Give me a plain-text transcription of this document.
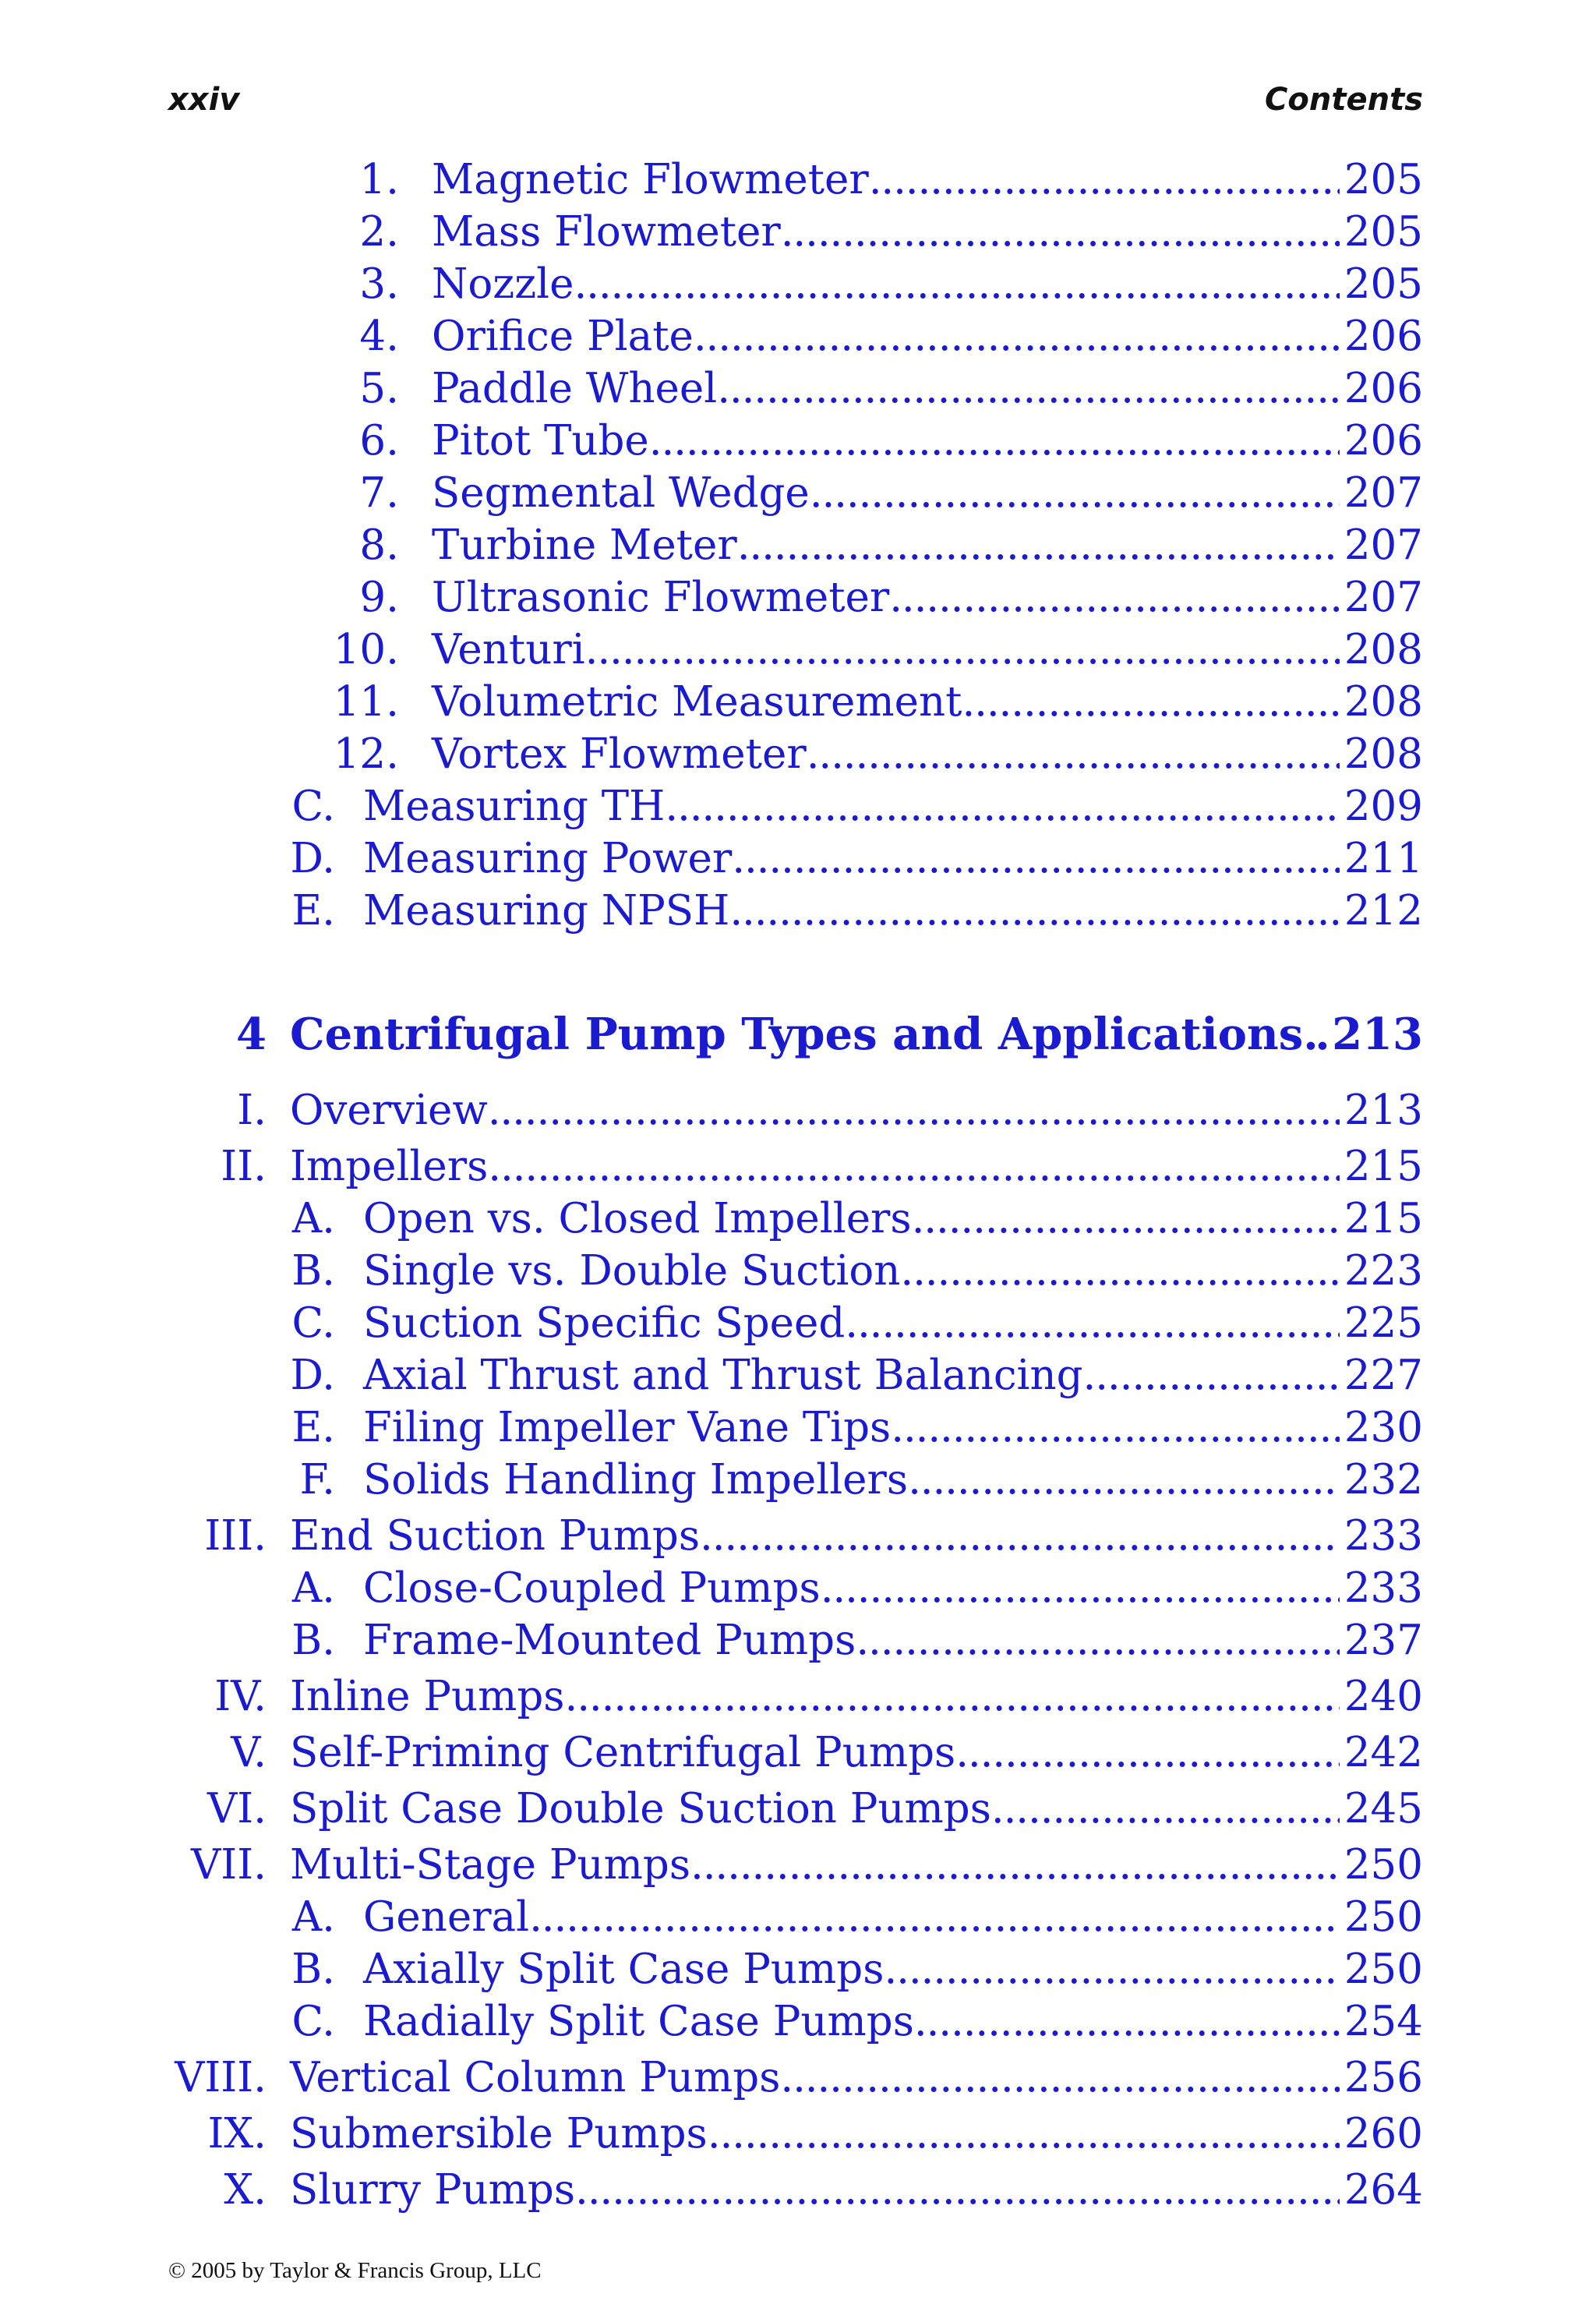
xxiv	Contents
1. Magnetic Flowmeter . . .	205
2. Mass Flowmeter . . .	205
3. Nozzle . . .	205
4. Orifice Plate . . .	206
5. Paddle Wheel . . .	206
6. Pitot Tube . . .	206
7. Segmental Wedge . . .	207
8. Turbine Meter . . .	207
9. Ultrasonic Flowmeter . . .	207
10. Venturi . . .	208
11. Volumetric Measurement . . .	208
12. Vortex Flowmeter . . .	208
C. Measuring TH . . .	209
D. Measuring Power . . .	211
E. Measuring NPSH . . .	212
4 Centrifugal Pump Types and Applications . . . 213
I. Overview . . .	213
II. Impellers . . .	215
A. Open vs. Closed Impellers . . .	215
B. Single vs. Double Suction . . .	223
C. Suction Specific Speed . . .	225
D. Axial Thrust and Thrust Balancing . . .	227
E. Filing Impeller Vane Tips . . .	230
F. Solids Handling Impellers . . .	232
III. End Suction Pumps . . .	233
A. Close-Coupled Pumps . . .	233
B. Frame-Mounted Pumps . . .	237
IV. Inline Pumps . . .	240
V. Self-Priming Centrifugal Pumps . . .	242
VI. Split Case Double Suction Pumps . . .	245
VII. Multi-Stage Pumps . . .	250
A. General . . .	250
B. Axially Split Case Pumps . . .	250
C. Radially Split Case Pumps . . .	254
VIII. Vertical Column Pumps . . .	256
IX. Submersible Pumps . . .	260
X. Slurry Pumps . . .	264
© 2005 by Taylor & Francis Group, LLC
